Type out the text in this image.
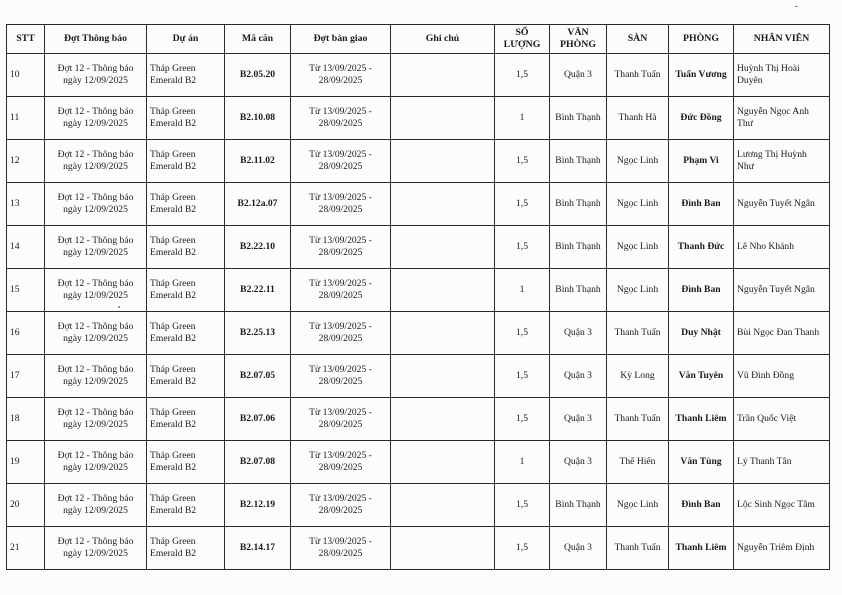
STT	Đợt Thông báo	Dự án	Mã căn	Đợt bàn giao	Ghi chú	SỐ LƯỢNG	VĂN PHÒNG	SÀN	PHÒNG	NHÂN VIÊN
10	Đợt 12 - Thông báo ngày 12/09/2025	Tháp Green Emerald B2	B2.05.20	Từ 13/09/2025 - 28/09/2025		1,5	Quận 3	Thanh Tuấn	Tuấn Vương	Huỳnh Thị Hoài Duyên
11	Đợt 12 - Thông báo ngày 12/09/2025	Tháp Green Emerald B2	B2.10.08	Từ 13/09/2025 - 28/09/2025		1	Bình Thạnh	Thanh Hà	Đức Đồng	Nguyễn Ngọc Anh Thư
12	Đợt 12 - Thông báo ngày 12/09/2025	Tháp Green Emerald B2	B2.11.02	Từ 13/09/2025 - 28/09/2025		1,5	Bình Thạnh	Ngọc Linh	Phạm Vi	Lương Thị Huỳnh Như
13	Đợt 12 - Thông báo ngày 12/09/2025	Tháp Green Emerald B2	B2.12a.07	Từ 13/09/2025 - 28/09/2025		1,5	Bình Thạnh	Ngọc Linh	Đình Ban	Nguyễn Tuyết Ngân
14	Đợt 12 - Thông báo ngày 12/09/2025	Tháp Green Emerald B2	B2.22.10	Từ 13/09/2025 - 28/09/2025		1,5	Bình Thạnh	Ngọc Linh	Thanh Đức	Lê Nho Khánh
15	Đợt 12 - Thông báo ngày 12/09/2025	Tháp Green Emerald B2	B2.22.11	Từ 13/09/2025 - 28/09/2025		1	Bình Thạnh	Ngọc Linh	Đình Ban	Nguyễn Tuyết Ngân
16	Đợt 12 - Thông báo ngày 12/09/2025	Tháp Green Emerald B2	B2.25.13	Từ 13/09/2025 - 28/09/2025		1,5	Quận 3	Thanh Tuấn	Duy Nhật	Bùi Ngọc Đan Thanh
17	Đợt 12 - Thông báo ngày 12/09/2025	Tháp Green Emerald B2	B2.07.05	Từ 13/09/2025 - 28/09/2025		1,5	Quận 3	Kỳ Long	Văn Tuyên	Vũ Đình Đồng
18	Đợt 12 - Thông báo ngày 12/09/2025	Tháp Green Emerald B2	B2.07.06	Từ 13/09/2025 - 28/09/2025		1,5	Quận 3	Thanh Tuấn	Thanh Liêm	Trần Quốc Việt
19	Đợt 12 - Thông báo ngày 12/09/2025	Tháp Green Emerald B2	B2.07.08	Từ 13/09/2025 - 28/09/2025		1	Quận 3	Thế Hiển	Văn Tùng	Lý Thanh Tân
20	Đợt 12 - Thông báo ngày 12/09/2025	Tháp Green Emerald B2	B2.12.19	Từ 13/09/2025 - 28/09/2025		1,5	Bình Thạnh	Ngọc Linh	Đình Ban	Lộc Sinh Ngọc Tâm
21	Đợt 12 - Thông báo ngày 12/09/2025	Tháp Green Emerald B2	B2.14.17	Từ 13/09/2025 - 28/09/2025		1,5	Quận 3	Thanh Tuấn	Thanh Liêm	Nguyễn Triêm Định
